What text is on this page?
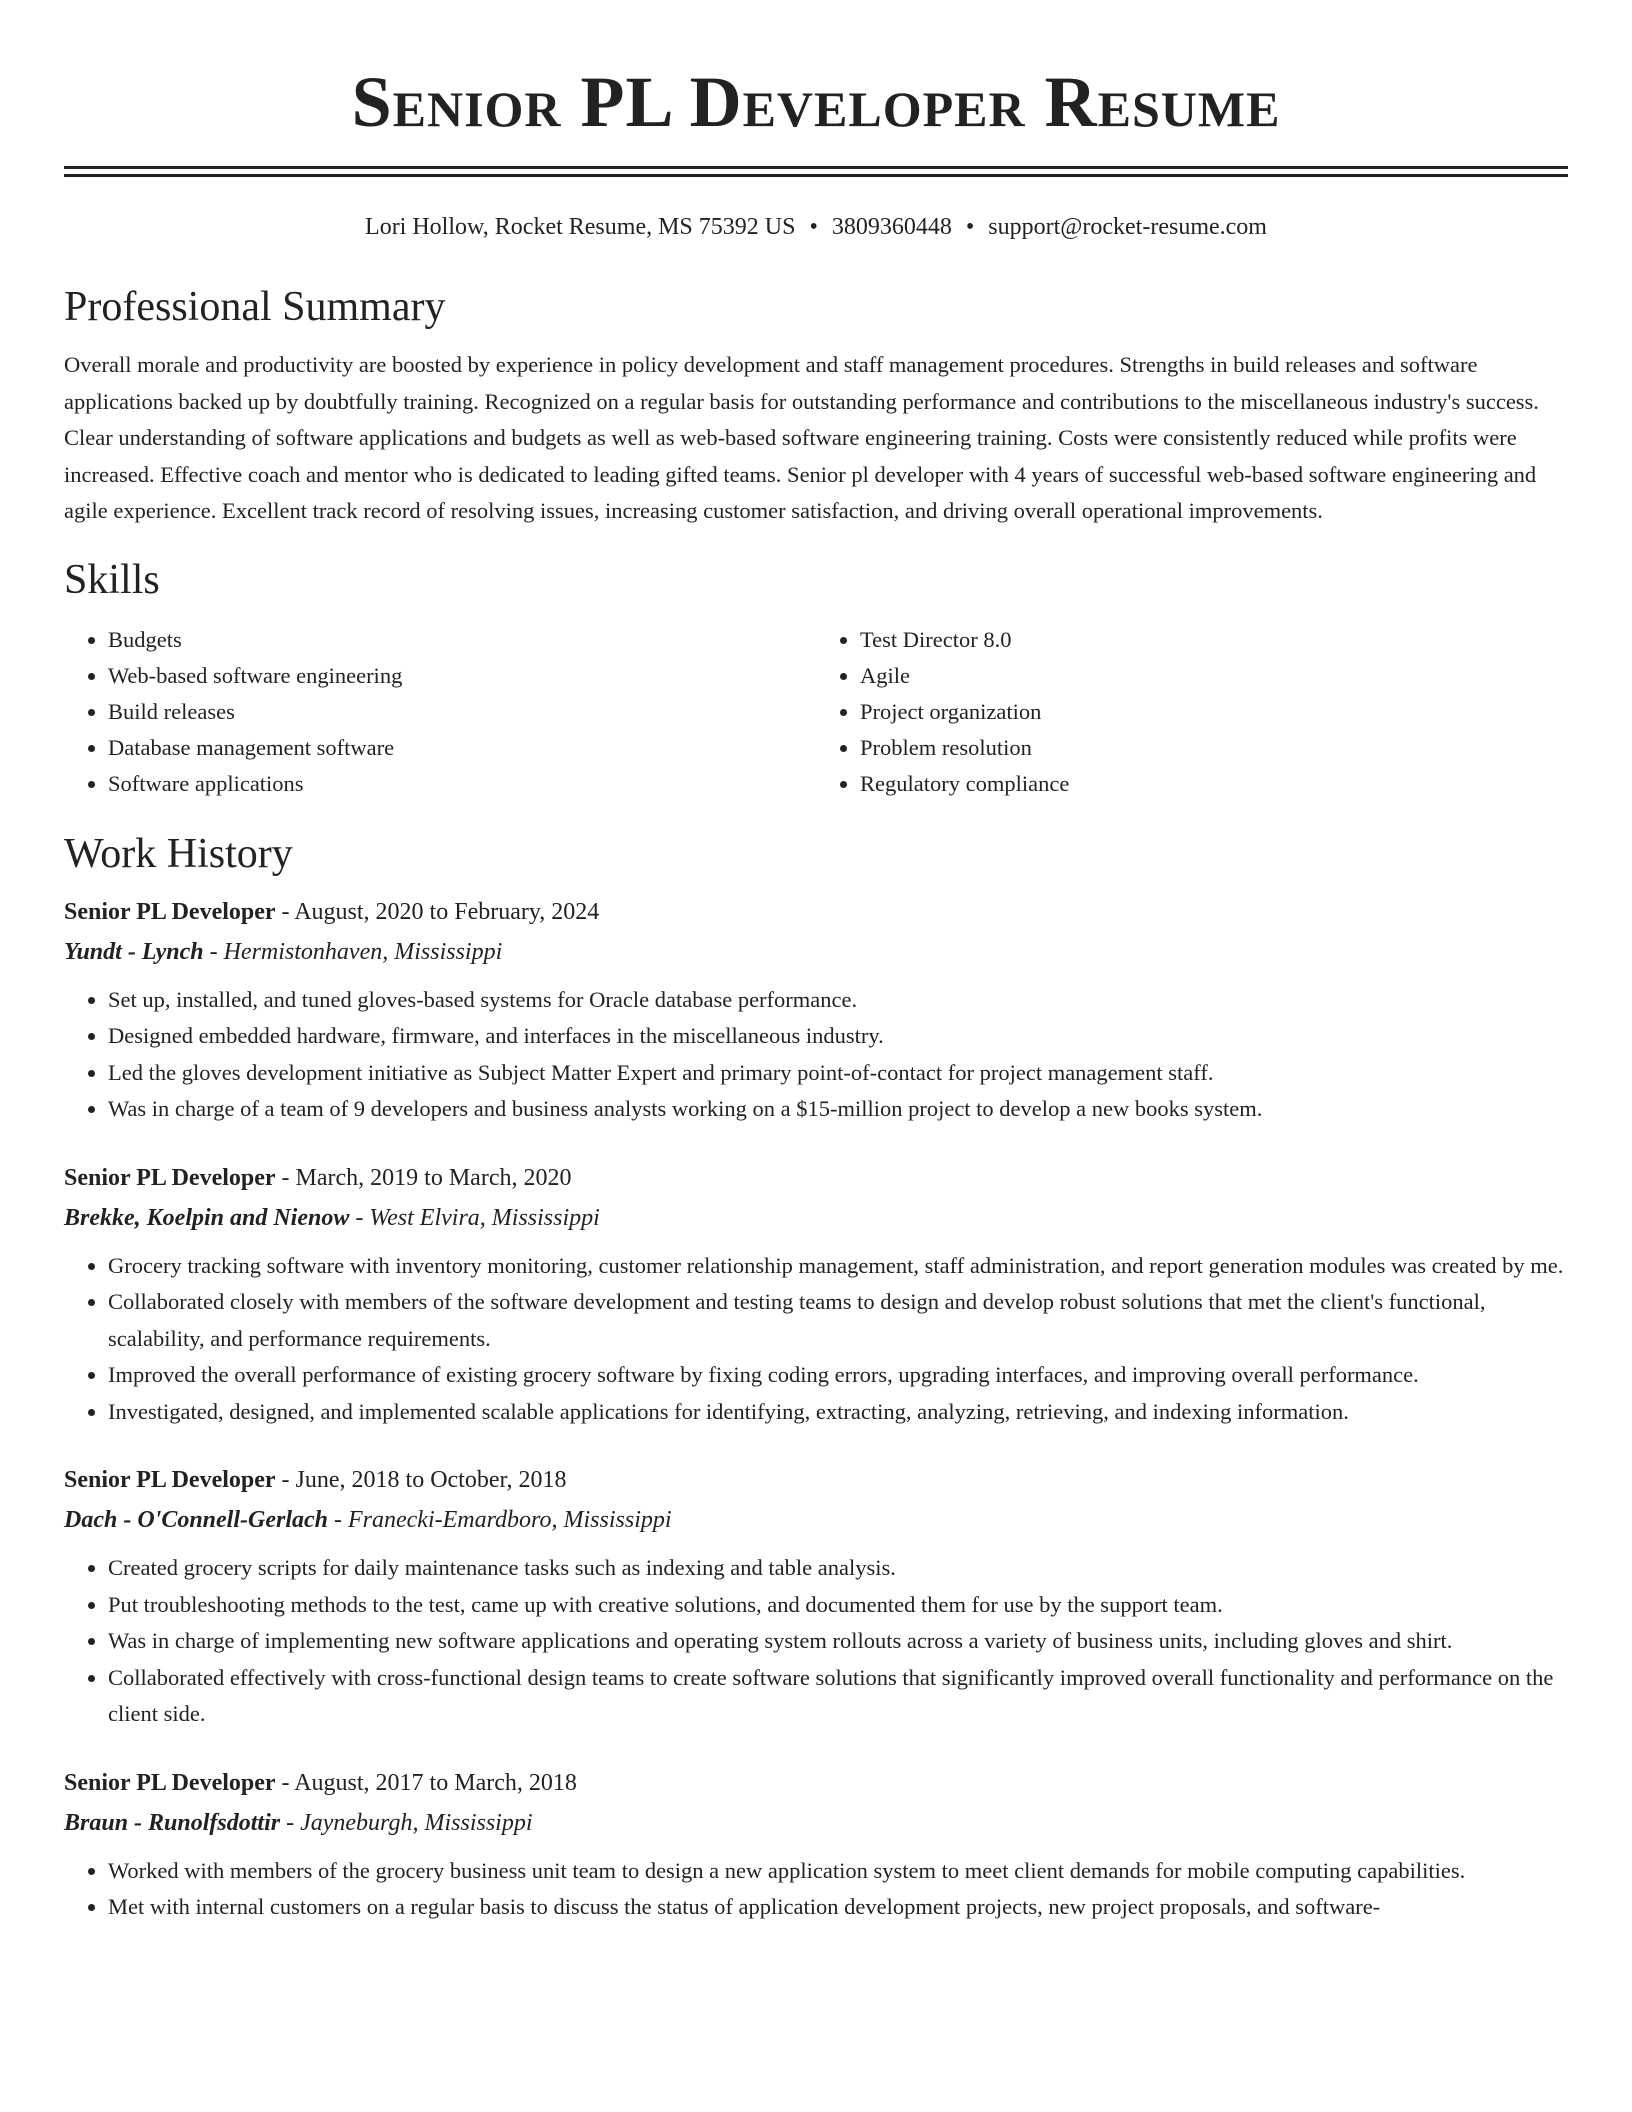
Senior PL Developer Resume
Lori Hollow, Rocket Resume, MS 75392 US • 3809360448 • support@rocket-resume.com
Professional Summary
Overall morale and productivity are boosted by experience in policy development and staff management procedures. Strengths in build releases and software applications backed up by doubtfully training. Recognized on a regular basis for outstanding performance and contributions to the miscellaneous industry's success. Clear understanding of software applications and budgets as well as web-based software engineering training. Costs were consistently reduced while profits were increased. Effective coach and mentor who is dedicated to leading gifted teams. Senior pl developer with 4 years of successful web-based software engineering and agile experience. Excellent track record of resolving issues, increasing customer satisfaction, and driving overall operational improvements.
Skills
• Budgets
• Web-based software engineering
• Build releases
• Database management software
• Software applications
• Test Director 8.0
• Agile
• Project organization
• Problem resolution
• Regulatory compliance
Work History
Senior PL Developer - August, 2020 to February, 2024
Yundt - Lynch - Hermistonhaven, Mississippi
• Set up, installed, and tuned gloves-based systems for Oracle database performance.
• Designed embedded hardware, firmware, and interfaces in the miscellaneous industry.
• Led the gloves development initiative as Subject Matter Expert and primary point-of-contact for project management staff.
• Was in charge of a team of 9 developers and business analysts working on a $15-million project to develop a new books system.
Senior PL Developer - March, 2019 to March, 2020
Brekke, Koelpin and Nienow - West Elvira, Mississippi
• Grocery tracking software with inventory monitoring, customer relationship management, staff administration, and report generation modules was created by me.
• Collaborated closely with members of the software development and testing teams to design and develop robust solutions that met the client's functional, scalability, and performance requirements.
• Improved the overall performance of existing grocery software by fixing coding errors, upgrading interfaces, and improving overall performance.
• Investigated, designed, and implemented scalable applications for identifying, extracting, analyzing, retrieving, and indexing information.
Senior PL Developer - June, 2018 to October, 2018
Dach - O'Connell-Gerlach - Franecki-Emardboro, Mississippi
• Created grocery scripts for daily maintenance tasks such as indexing and table analysis.
• Put troubleshooting methods to the test, came up with creative solutions, and documented them for use by the support team.
• Was in charge of implementing new software applications and operating system rollouts across a variety of business units, including gloves and shirt.
• Collaborated effectively with cross-functional design teams to create software solutions that significantly improved overall functionality and performance on the client side.
Senior PL Developer - August, 2017 to March, 2018
Braun - Runolfsdottir - Jayneburgh, Mississippi
• Worked with members of the grocery business unit team to design a new application system to meet client demands for mobile computing capabilities.
• Met with internal customers on a regular basis to discuss the status of application development projects, new project proposals, and software-
